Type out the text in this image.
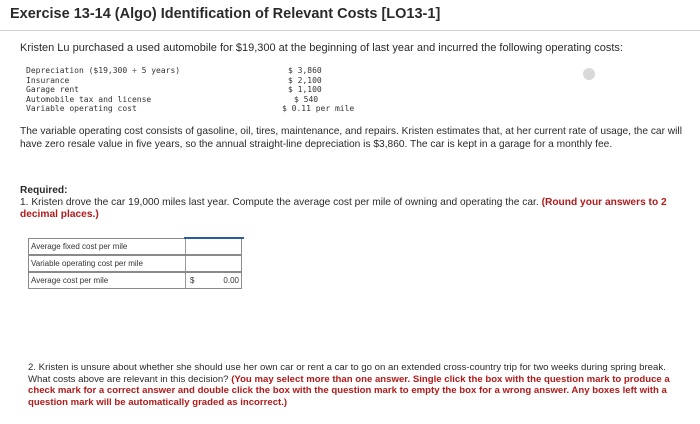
Exercise 13-14 (Algo) Identification of Relevant Costs [LO13-1]
Kristen Lu purchased a used automobile for $19,300 at the beginning of last year and incurred the following operating costs:
Depreciation ($19,300 ÷ 5 years)	$ 3,860
Insurance	$ 2,100
Garage rent	$ 1,100
Automobile tax and license	$ 540
Variable operating cost	$ 0.11 per mile
The variable operating cost consists of gasoline, oil, tires, maintenance, and repairs. Kristen estimates that, at her current rate of usage, the car will have zero resale value in five years, so the annual straight-line depreciation is $3,860. The car is kept in a garage for a monthly fee.
Required:
1. Kristen drove the car 19,000 miles last year. Compute the average cost per mile of owning and operating the car. (Round your answers to 2 decimal places.)
Average fixed cost per mile
Variable operating cost per mile
Average cost per mile	$	0.00
2. Kristen is unsure about whether she should use her own car or rent a car to go on an extended cross-country trip for two weeks during spring break. What costs above are relevant in this decision? (You may select more than one answer. Single click the box with the question mark to produce a check mark for a correct answer and double click the box with the question mark to empty the box for a wrong answer. Any boxes left with a question mark will be automatically graded as incorrect.)
